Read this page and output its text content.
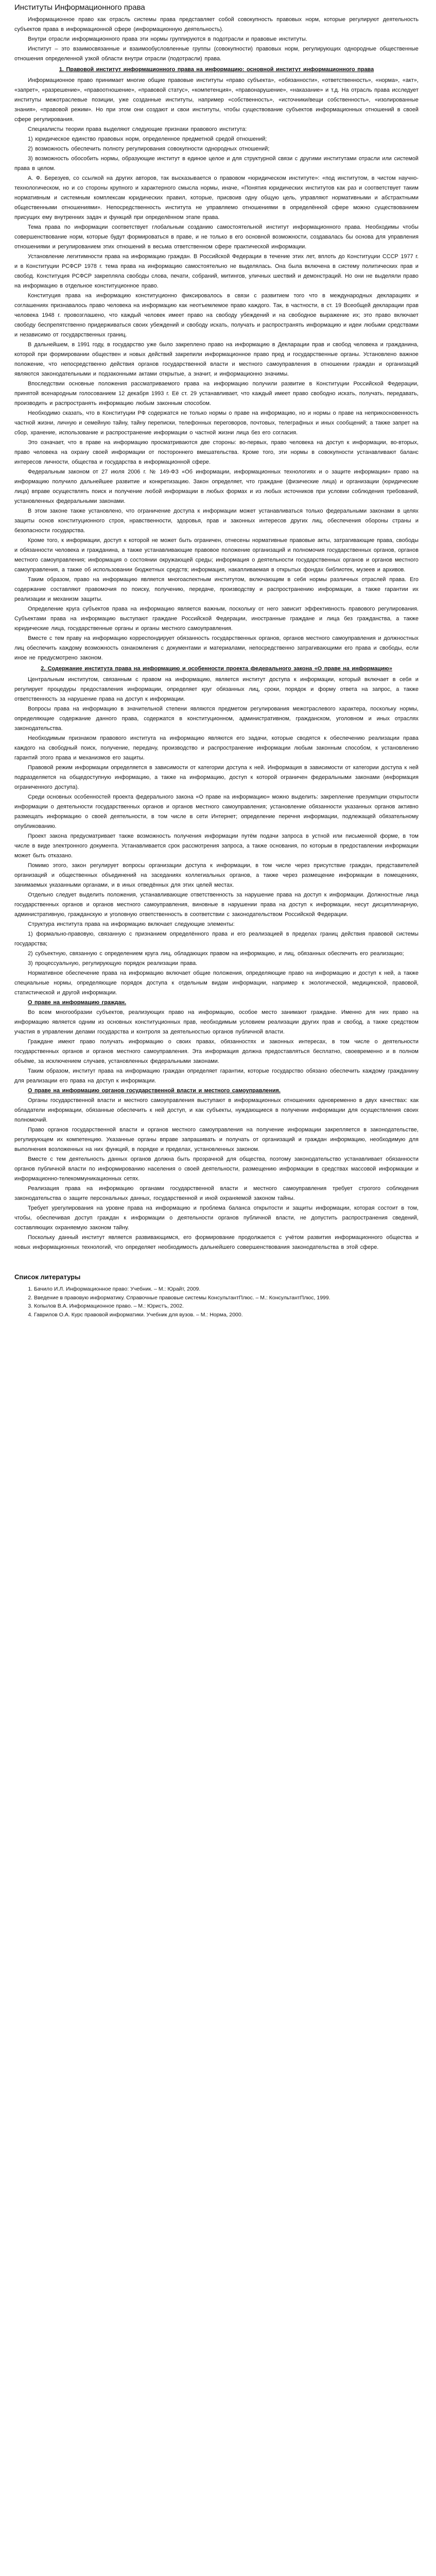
Институты Информационного права

Информационное право как отрасль системы права представляет собой совокупность правовых норм, которые регулируют деятельность субъектов права в информационной сфере (информационную деятельность).

Внутри отрасли информационного права эти нормы группируются в подотрасли и правовые институты.

Институт – это взаимосвязанные и взаимообусловленные группы (совокупности) правовых норм, регулирующих однородные общественные отношения определенной узкой области внутри отрасли (подотрасли) права.

1. Правовой институт информационного права на информацию: основной институт информационного права

Информационное право принимает многие общие правовые институты «право субъекта», «обязанности», «ответственность», «норма», «акт», «запрет», «разрешение», «правоотношение», «правовой статус», «компетенция», «правонарушение», «наказание» и т.д. На отрасль права исследует институты межотраслевые позиции, уже созданные институты, например «собственность», «источники/вещи собственность», «изолированные знания», «правовой режим». Но при этом они создают и свои институты, чтобы существование субъектов информационных отношений в своей сфере регулирования.

Специалисты теории права выделяют следующие признаки правового института:

1) юридическое единство правовых норм, определенное предметной средой отношений;

2) возможность обеспечить полноту регулирования совокупности однородных отношений;

3) возможность обособить нормы, образующие институт в единое целое и для структурной связи с другими институтами отрасли или системой права в целом.

А. Ф. Березуев, со ссылкой на других авторов, так высказывается о правовом «юридическом институте»: «под институтом, в чистом научно-технологическом, но и со стороны крупного и характерного смысла нормы, иначе, «Понятия юридических институтов как раз и соответствует таким нормативным и системным комплексам юридических правил, которые, присвоив одну общую цель, управляют нормативными и абстрактными общественными отношениями». Непосредственность института не управляемо отношениями в определённой сфере можно существованием присущих ему внутренних задач и функций при определённом этапе права.

Тема права по информации соответствует глобальным созданию самостоятельной институт информационного права. Необходимы чтобы совершенствование норм, которые будут формироваться в праве, и не только в его основной возможности, создавалась бы основа для управления отношениями и регулированием этих отношений в весьма ответственном сфере практической информации.

Установление легитимности права на информацию граждан. В Российской Федерации в течение этих лет, вплоть до Конституции СССР 1977 г. и в Конституции РСФСР 1978 г. тема права на информацию самостоятельно не выделялась. Она была включена в систему политических прав и свобод. Конституция РСФСР закрепляла свободы слова, печати, собраний, митингов, уличных шествий и демонстраций. Но они не выделяли право на информацию в отдельное конституционное право.

Конституция права на информацию конституционно фиксировалось в связи с развитием того что в международных декларациях и соглашениях признавалось право человека на информацию как неотъемлемое право каждого. Так, в частности, в ст. 19 Всеобщей декларации прав человека 1948 г. провозглашено, что каждый человек имеет право на свободу убеждений и на свободное выражение их; это право включает свободу беспрепятственно придерживаться своих убеждений и свободу искать, получать и распространять информацию и идеи любыми средствами и независимо от государственных границ.

В дальнейшем, в 1991 году, в государство уже было закреплено право на информацию в Декларации прав и свобод человека и гражданина, которой при формировании обществен и новых действий закрепили информационное право пред и государственные органы. Установлено важное положение, что непосредственно действия органов государственной власти и местного самоуправления в отношении граждан и организаций являются законодательными и подзаконными актами открытые, а значит, и информационно значимы.

Впоследствии основные положения рассматриваемого права на информацию получили развитие в Конституции Российской Федерации, принятой всенародным голосованием 12 декабря 1993 г. Её ст. 29 устанавливает, что каждый имеет право свободно искать, получать, передавать, производить и распространять информацию любым законным способом.

Необходимо сказать, что в Конституции РФ содержатся не только нормы о праве на информацию, но и нормы о праве на неприкосновенность частной жизни, личную и семейную тайну, тайну переписки, телефонных переговоров, почтовых, телеграфных и иных сообщений; а также запрет на сбор, хранение, использование и распространение информации о частной жизни лица без его согласия.

Это означает, что в праве на информацию просматриваются две стороны: во-первых, право человека на доступ к информации, во-вторых, право человека на охрану своей информации от постороннего вмешательства. Кроме того, эти нормы в совокупности устанавливают баланс интересов личности, общества и государства в информационной сфере.

Федеральным законом от 27 июля 2006 г. № 149-ФЗ «Об информации, информационных технологиях и о защите информации» право на информацию получило дальнейшее развитие и конкретизацию. Закон определяет, что граждане (физические лица) и организации (юридические лица) вправе осуществлять поиск и получение любой информации в любых формах и из любых источников при условии соблюдения требований, установленных федеральными законами.

В этом законе также установлено, что ограничение доступа к информации может устанавливаться только федеральными законами в целях защиты основ конституционного строя, нравственности, здоровья, прав и законных интересов других лиц, обеспечения обороны страны и безопасности государства.

Кроме того, к информации, доступ к которой не может быть ограничен, отнесены нормативные правовые акты, затрагивающие права, свободы и обязанности человека и гражданина, а также устанавливающие правовое положение организаций и полномочия государственных органов, органов местного самоуправления; информация о состоянии окружающей среды; информация о деятельности государственных органов и органов местного самоуправления, а также об использовании бюджетных средств; информация, накапливаемая в открытых фондах библиотек, музеев и архивов.

Таким образом, право на информацию является многоаспектным институтом, включающим в себя нормы различных отраслей права. Его содержание составляют правомочия по поиску, получению, передаче, производству и распространению информации, а также гарантии их реализации и механизм защиты.

Определение круга субъектов права на информацию является важным, поскольку от него зависит эффективность правового регулирования. Субъектами права на информацию выступают граждане Российской Федерации, иностранные граждане и лица без гражданства, а также юридические лица, государственные органы и органы местного самоуправления.

Вместе с тем праву на информацию корреспондирует обязанность государственных органов, органов местного самоуправления и должностных лиц обеспечить каждому возможность ознакомления с документами и материалами, непосредственно затрагивающими его права и свободы, если иное не предусмотрено законом.

2. Содержание института права на информацию и особенности проекта федерального закона «О праве на информацию»

Центральным институтом, связанным с правом на информацию, является институт доступа к информации, который включает в себя и регулирует процедуры предоставления информации, определяет круг обязанных лиц, сроки, порядок и форму ответа на запрос, а также ответственность за нарушение права на доступ к информации.

Вопросы права на информацию в значительной степени являются предметом регулирования межотраслевого характера, поскольку нормы, определяющие содержание данного права, содержатся в конституционном, административном, гражданском, уголовном и иных отраслях законодательства.

Необходимым признаком правового института на информацию являются его задачи, которые сводятся к обеспечению реализации права каждого на свободный поиск, получение, передачу, производство и распространение информации любым законным способом, к установлению гарантий этого права и механизмов его защиты.

Правовой режим информации определяется в зависимости от категории доступа к ней. Информация в зависимости от категории доступа к ней подразделяется на общедоступную информацию, а также на информацию, доступ к которой ограничен федеральными законами (информация ограниченного доступа).

Среди основных особенностей проекта федерального закона «О праве на информацию» можно выделить: закрепление презумпции открытости информации о деятельности государственных органов и органов местного самоуправления; установление обязанности указанных органов активно размещать информацию о своей деятельности, в том числе в сети Интернет; определение перечня информации, подлежащей обязательному опубликованию.

Проект закона предусматривает также возможность получения информации путём подачи запроса в устной или письменной форме, в том числе в виде электронного документа. Устанавливается срок рассмотрения запроса, а также основания, по которым в предоставлении информации может быть отказано.

Помимо этого, закон регулирует вопросы организации доступа к информации, в том числе через присутствие граждан, представителей организаций и общественных объединений на заседаниях коллегиальных органов, а также через размещение информации в помещениях, занимаемых указанными органами, и в иных отведённых для этих целей местах.

Отдельно следует выделить положения, устанавливающие ответственность за нарушение права на доступ к информации. Должностные лица государственных органов и органов местного самоуправления, виновные в нарушении права на доступ к информации, несут дисциплинарную, административную, гражданскую и уголовную ответственность в соответствии с законодательством Российской Федерации.

Структура института права на информацию включает следующие элементы:

1) формально-правовую, связанную с признанием определённого права и его реализацией в пределах границ действия правовой системы государства;

2) субъектную, связанную с определением круга лиц, обладающих правом на информацию, и лиц, обязанных обеспечить его реализацию;

3) процессуальную, регулирующую порядок реализации права.

Нормативное обеспечение права на информацию включает общие положения, определяющие право на информацию и доступ к ней, а также специальные нормы, определяющие порядок доступа к отдельным видам информации, например к экологической, медицинской, правовой, статистической и другой информации.

О праве на информацию граждан.

Во всем многообразии субъектов, реализующих право на информацию, особое место занимают граждане. Именно для них право на информацию является одним из основных конституционных прав, необходимым условием реализации других прав и свобод, а также средством участия в управлении делами государства и контроля за деятельностью органов публичной власти.

Граждане имеют право получать информацию о своих правах, обязанностях и законных интересах, в том числе о деятельности государственных органов и органов местного самоуправления. Эта информация должна предоставляться бесплатно, своевременно и в полном объёме, за исключением случаев, установленных федеральными законами.

Таким образом, институт права на информацию граждан определяет гарантии, которые государство обязано обеспечить каждому гражданину для реализации его права на доступ к информации.

О праве на информацию органов государственной власти и местного самоуправления.

Органы государственной власти и местного самоуправления выступают в информационных отношениях одновременно в двух качествах: как обладатели информации, обязанные обеспечить к ней доступ, и как субъекты, нуждающиеся в получении информации для осуществления своих полномочий.

Право органов государственной власти и органов местного самоуправления на получение информации закрепляется в законодательстве, регулирующем их компетенцию. Указанные органы вправе запрашивать и получать от организаций и граждан информацию, необходимую для выполнения возложенных на них функций, в порядке и пределах, установленных законом.

Вместе с тем деятельность данных органов должна быть прозрачной для общества, поэтому законодательство устанавливает обязанности органов публичной власти по информированию населения о своей деятельности, размещению информации в средствах массовой информации и информационно-телекоммуникационных сетях.

Реализация права на информацию органами государственной власти и местного самоуправления требует строгого соблюдения законодательства о защите персональных данных, государственной и иной охраняемой законом тайны.

Требует урегулирования на уровне права на информацию и проблема баланса открытости и защиты информации, которая состоит в том, чтобы, обеспечивая доступ граждан к информации о деятельности органов публичной власти, не допустить распространения сведений, составляющих охраняемую законом тайну.

Поскольку данный институт является развивающимся, его формирование продолжается с учётом развития информационного общества и новых информационных технологий, что определяет необходимость дальнейшего совершенствования законодательства в этой сфере.

Список литературы
1. Бачило И.Л. Информационное право: Учебник. – М.: Юрайт, 2009.
2. Введение в правовую информатику. Справочные правовые системы КонсультантПлюс. – М.: КонсультантПлюс, 1999.
3. Копылов В.А. Информационное право. – М.: Юристъ, 2002.
4. Гаврилов О.А. Курс правовой информатики. Учебник для вузов. – М.: Норма, 2000.
